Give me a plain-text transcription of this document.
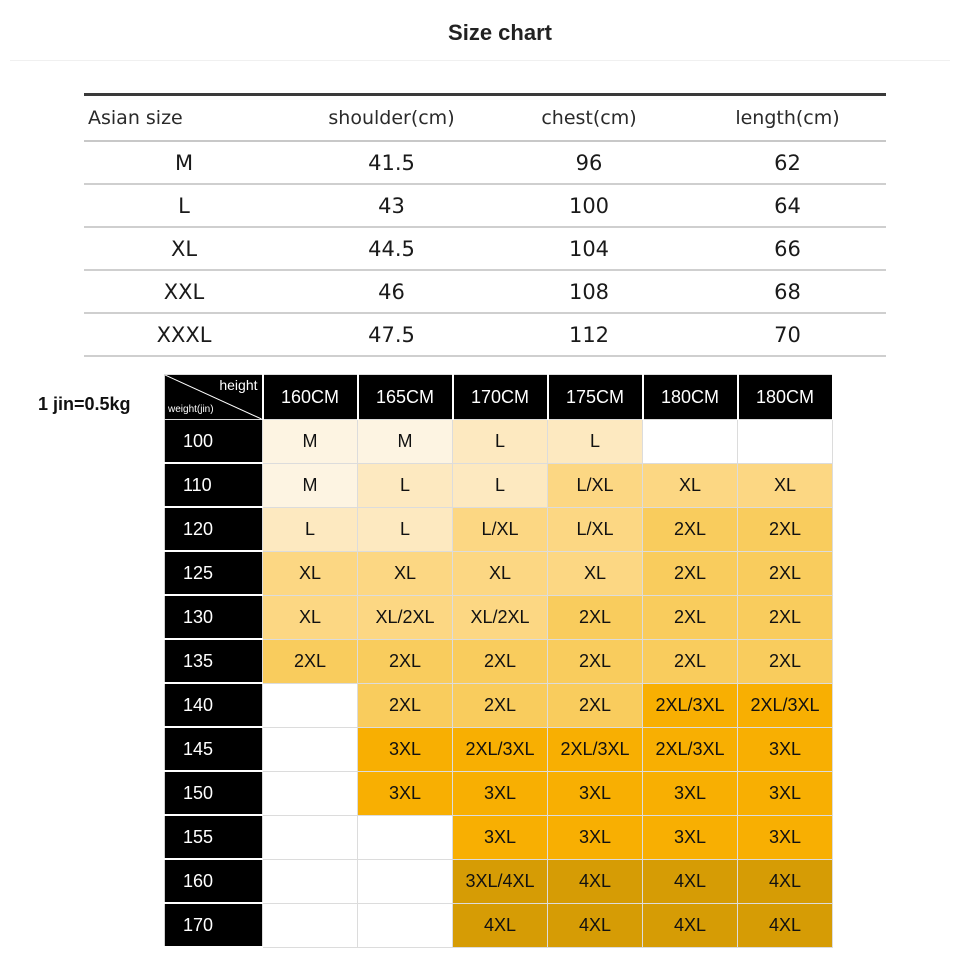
Size chart
Asian size	shoulder(cm)	chest(cm)	length(cm)
M	41.5	96	62
L	43	100	64
XL	44.5	104	66
XXL	46	108	68
XXXL	47.5	112	70
1 jin=0.5kg
height
weight(jin)	160CM	165CM	170CM	175CM	180CM	180CM
100	M	M	L	L		
110	M	L	L	L/XL	XL	XL
120	L	L	L/XL	L/XL	2XL	2XL
125	XL	XL	XL	XL	2XL	2XL
130	XL	XL/2XL	XL/2XL	2XL	2XL	2XL
135	2XL	2XL	2XL	2XL	2XL	2XL
140		2XL	2XL	2XL	2XL/3XL	2XL/3XL
145		3XL	2XL/3XL	2XL/3XL	2XL/3XL	3XL
150		3XL	3XL	3XL	3XL	3XL
155			3XL	3XL	3XL	3XL
160			3XL/4XL	4XL	4XL	4XL
170			4XL	4XL	4XL	4XL
